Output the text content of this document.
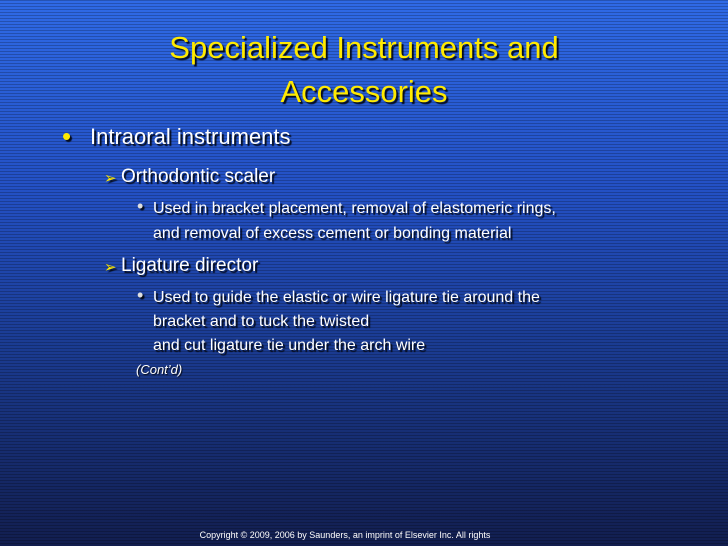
Specialized Instruments and
Accessories
• Intraoral instruments
➢ Orthodontic scaler
• Used in bracket placement, removal of elastomeric rings,
and removal of excess cement or bonding material
➢ Ligature director
• Used to guide the elastic or wire ligature tie around the
bracket and to tuck the twisted
and cut ligature tie under the arch wire
(Cont’d)
Copyright © 2009, 2006 by Saunders, an imprint of Elsevier Inc. All rights
